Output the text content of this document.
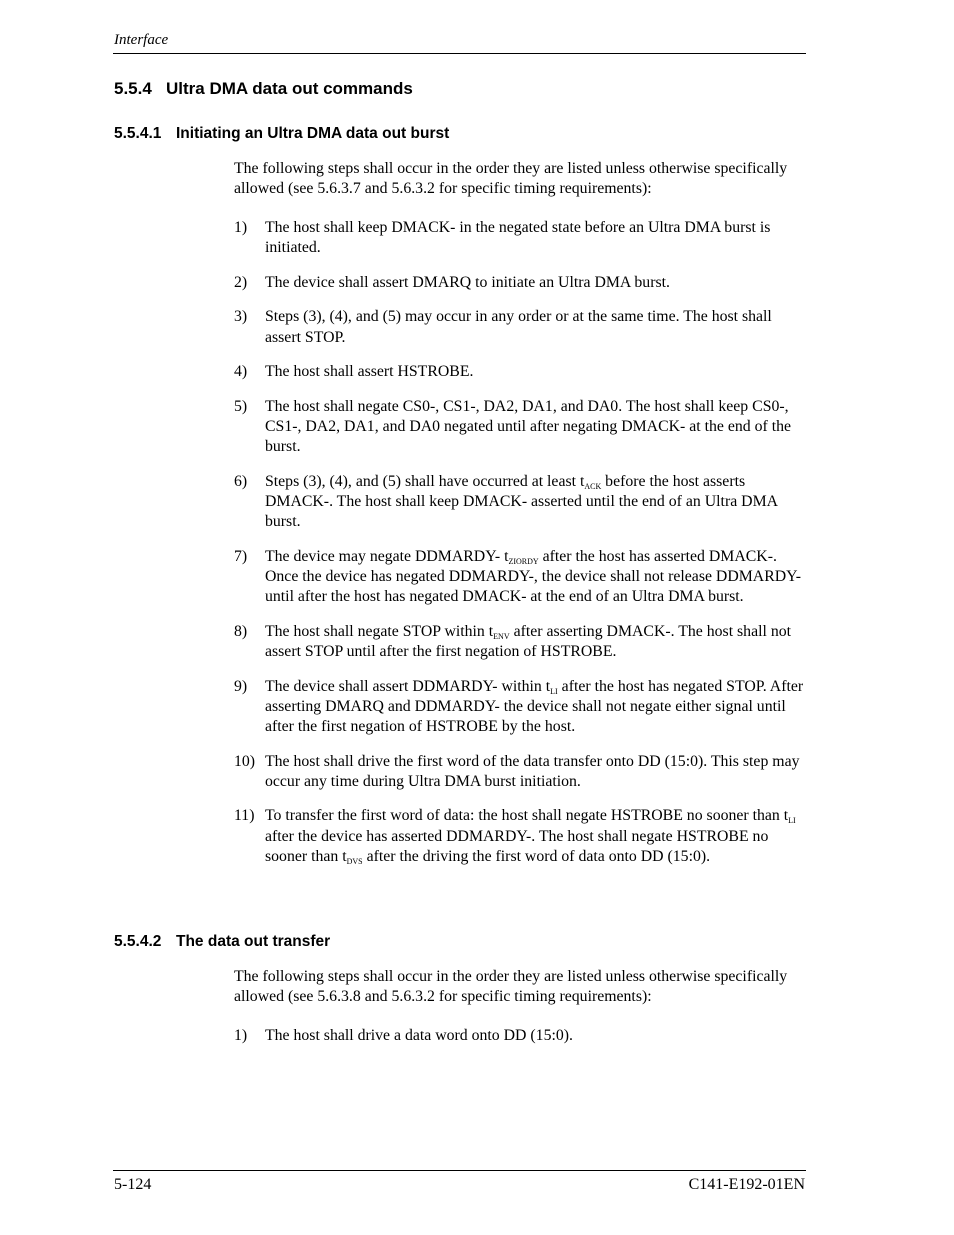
Interface
5.5.4 Ultra DMA data out commands
5.5.4.1 Initiating an Ultra DMA data out burst
The following steps shall occur in the order they are listed unless otherwise specifically allowed (see 5.6.3.7 and 5.6.3.2 for specific timing requirements):
1) The host shall keep DMACK- in the negated state before an Ultra DMA burst is initiated.
2) The device shall assert DMARQ to initiate an Ultra DMA burst.
3) Steps (3), (4), and (5) may occur in any order or at the same time. The host shall assert STOP.
4) The host shall assert HSTROBE.
5) The host shall negate CS0-, CS1-, DA2, DA1, and DA0. The host shall keep CS0-, CS1-, DA2, DA1, and DA0 negated until after negating DMACK- at the end of the burst.
6) Steps (3), (4), and (5) shall have occurred at least $t_{ACK}$ before the host asserts DMACK-. The host shall keep DMACK- asserted until the end of an Ultra DMA burst.
7) The device may negate DDMARDY- $t_{ZIORDY}$ after the host has asserted DMACK-. Once the device has negated DDMARDY-, the device shall not release DDMARDY- until after the host has negated DMACK- at the end of an Ultra DMA burst.
8) The host shall negate STOP within $t_{ENV}$ after asserting DMACK-. The host shall not assert STOP until after the first negation of HSTROBE.
9) The device shall assert DDMARDY- within $t_{LI}$ after the host has negated STOP. After asserting DMARQ and DDMARDY- the device shall not negate either signal until after the first negation of HSTROBE by the host.
10) The host shall drive the first word of the data transfer onto DD (15:0). This step may occur any time during Ultra DMA burst initiation.
11) To transfer the first word of data: the host shall negate HSTROBE no sooner than $t_{LI}$ after the device has asserted DDMARDY-. The host shall negate HSTROBE no sooner than $t_{DVS}$ after the driving the first word of data onto DD (15:0).
5.5.4.2 The data out transfer
The following steps shall occur in the order they are listed unless otherwise specifically allowed (see 5.6.3.8 and 5.6.3.2 for specific timing requirements):
1) The host shall drive a data word onto DD (15:0).
5-124	C141-E192-01EN
